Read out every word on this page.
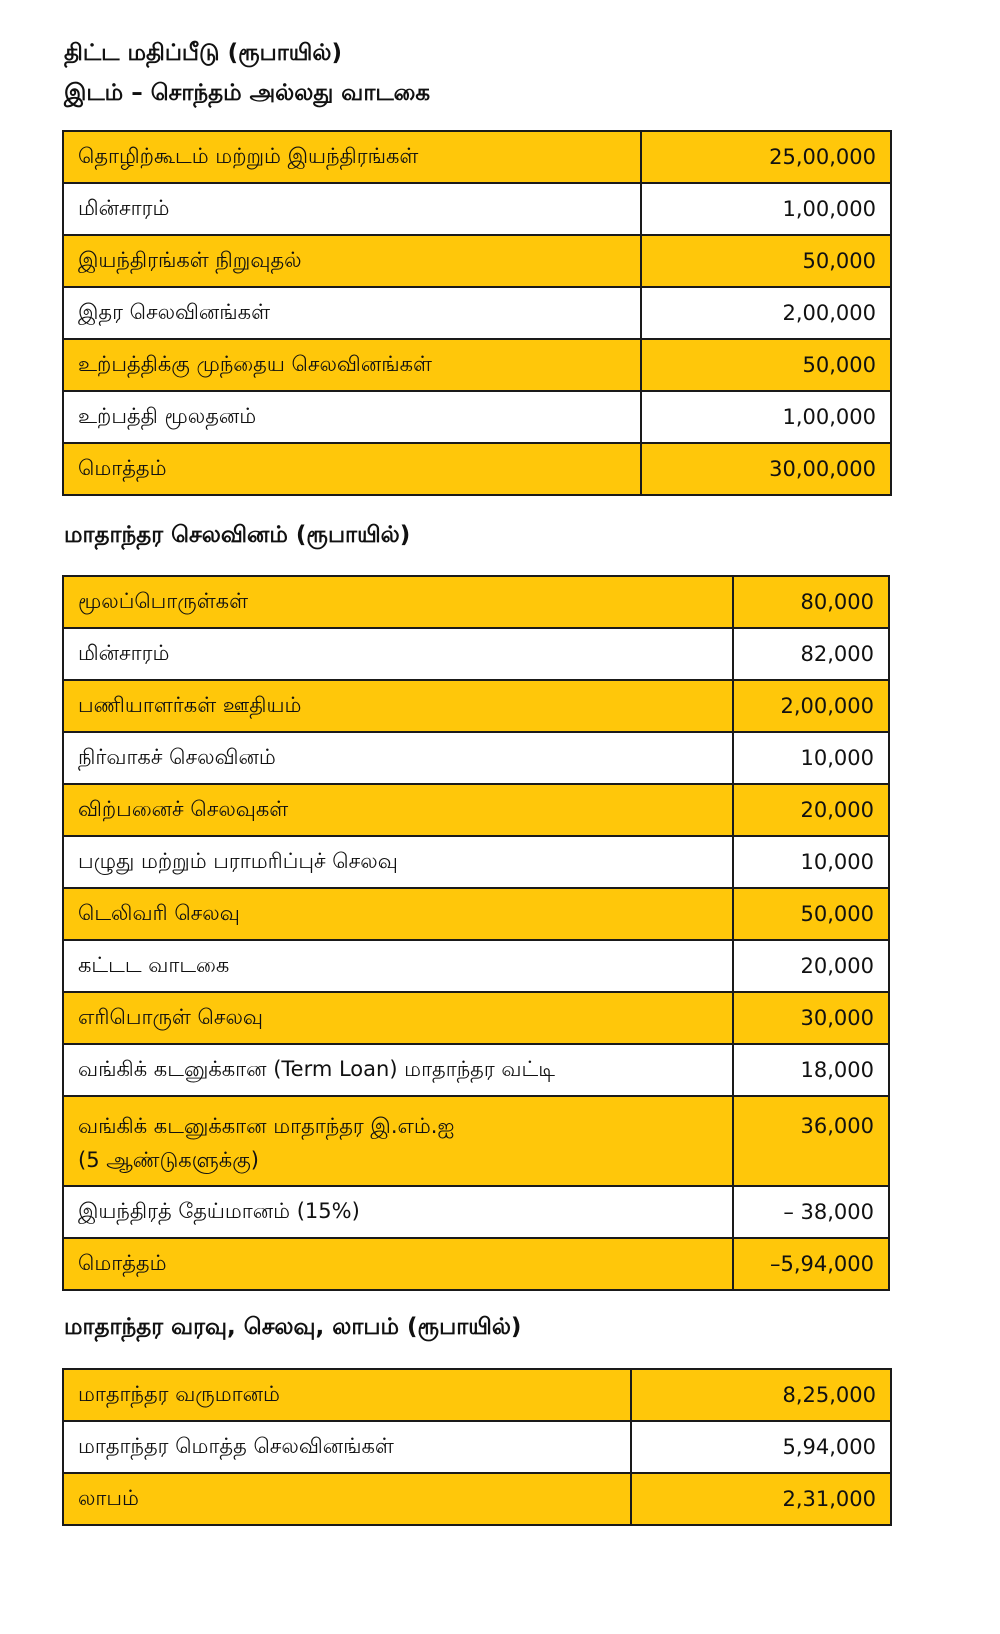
திட்ட மதிப்பீடு (ரூபாயில்)
இடம் – சொந்தம் அல்லது வாடகை
தொழிற்கூடம் மற்றும் இயந்திரங்கள்	25,00,000
மின்சாரம்	1,00,000
இயந்திரங்கள் நிறுவுதல்	50,000
இதர செலவினங்கள்	2,00,000
உற்பத்திக்கு முந்தைய செலவினங்கள்	50,000
உற்பத்தி மூலதனம்	1,00,000
மொத்தம்	30,00,000
மாதாந்தர செலவினம் (ரூபாயில்)
மூலப்பொருள்கள்	80,000
மின்சாரம்	82,000
பணியாளர்கள் ஊதியம்	2,00,000
நிர்வாகச் செலவினம்	10,000
விற்பனைச் செலவுகள்	20,000
பழுது மற்றும் பராமரிப்புச் செலவு	10,000
டெலிவரி செலவு	50,000
கட்டட வாடகை	20,000
எரிபொருள் செலவு	30,000
வங்கிக் கடனுக்கான (Term Loan) மாதாந்தர வட்டி	18,000

வங்கிக் கடனுக்கான மாதாந்தர இ.எம்.ஐ
(5 ஆண்டுகளுக்கு)	36,000
இயந்திரத் தேய்மானம் (15%)	– 38,000
மொத்தம்	–5,94,000
மாதாந்தர வரவு, செலவு, லாபம் (ரூபாயில்)
மாதாந்தர வருமானம்	8,25,000
மாதாந்தர மொத்த செலவினங்கள்	5,94,000
லாபம்	2,31,000
